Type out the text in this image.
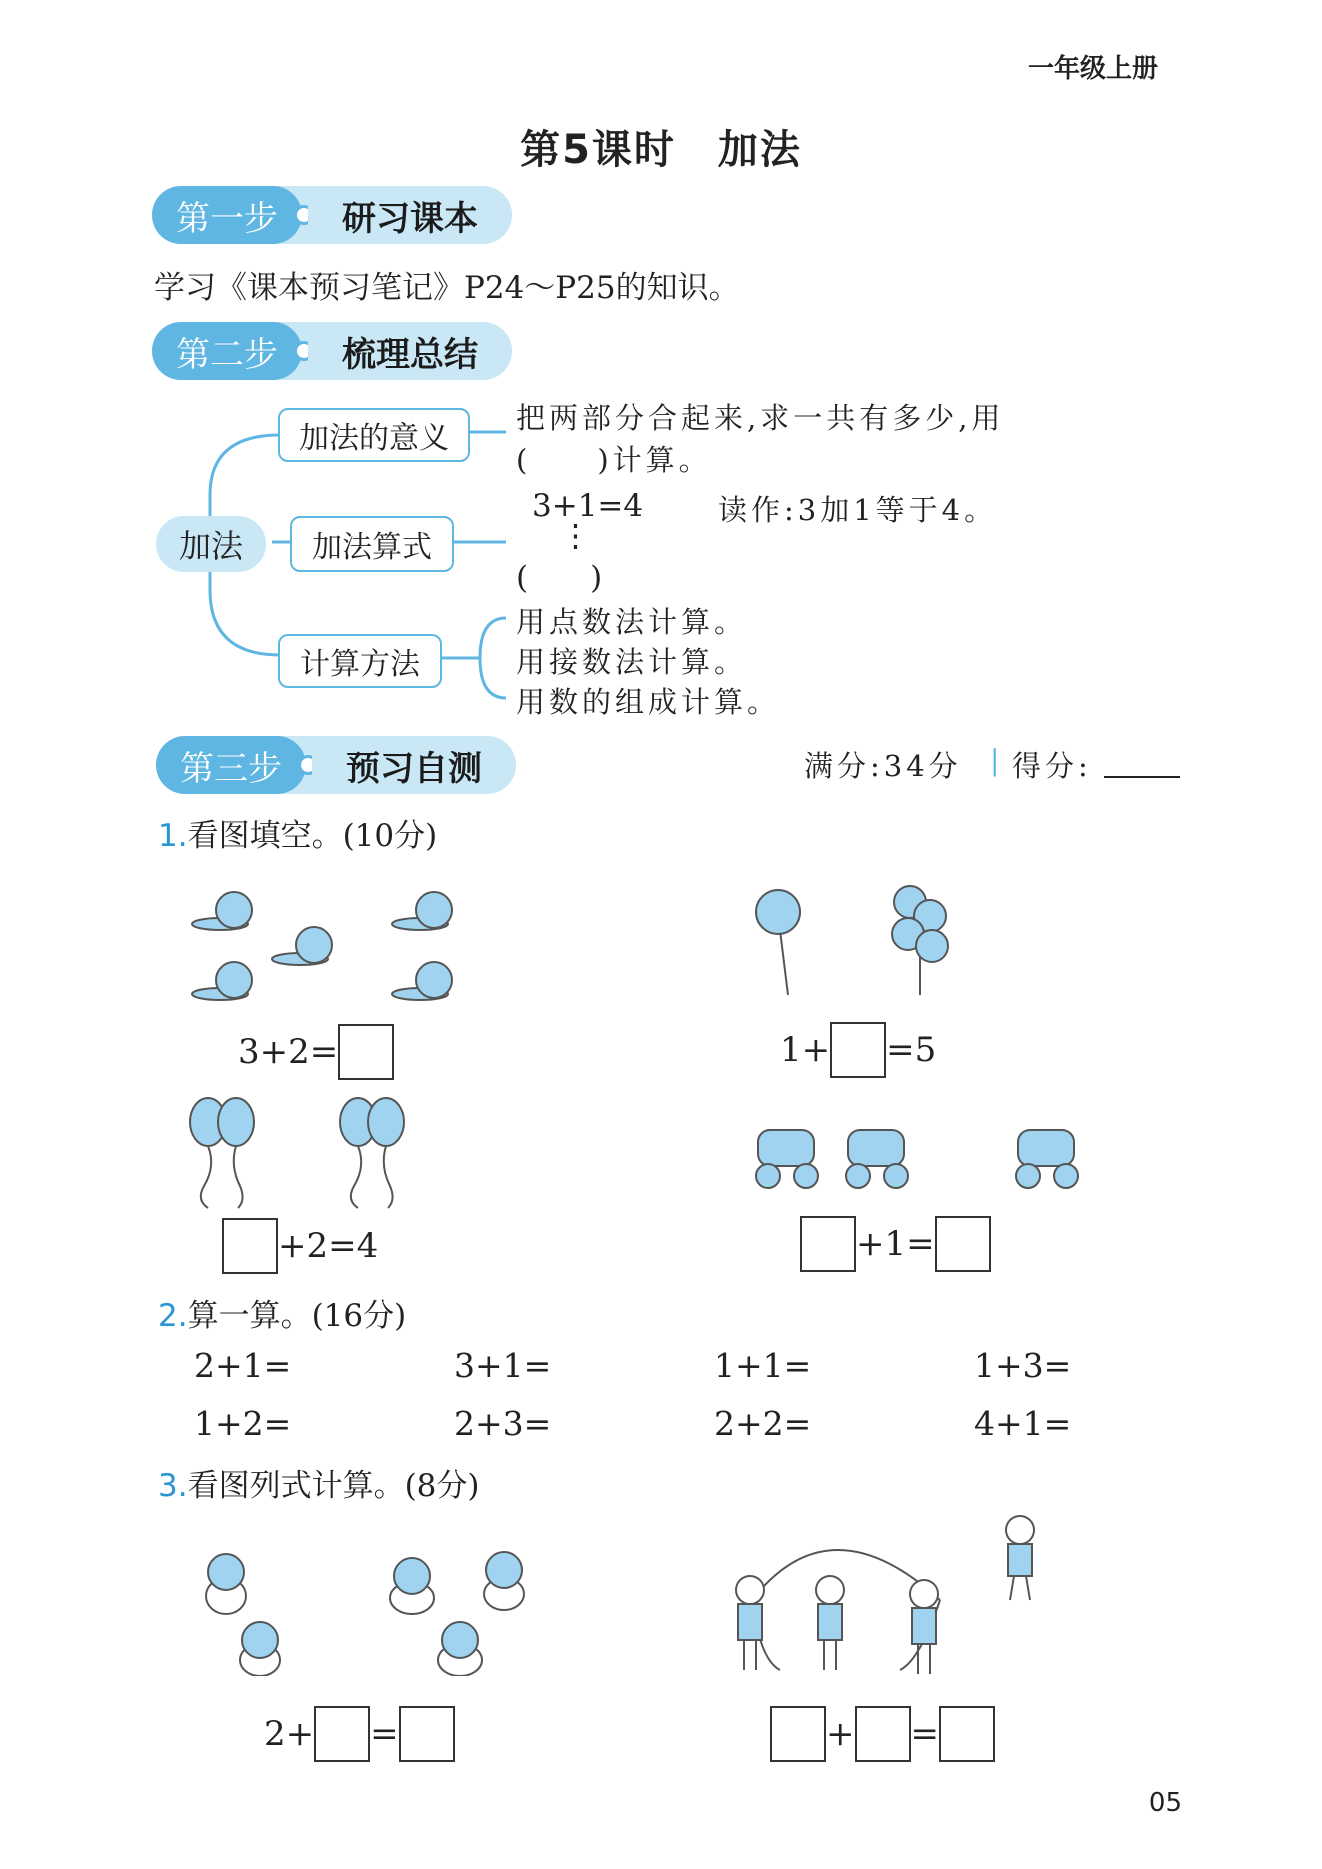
一年级上册
第5课时　加法
第一步	研习课本
学习《课本预习笔记》P24～P25的知识。
第二步	梳理总结
加法
加法的意义
加法算式
计算方法
把两部分合起来,求一共有多少,用
(　　)计算。
3+1=4	读作:3加1等于4。
⋮
(　　)
用点数法计算。
用接数法计算。
用数的组成计算。
第三步	预习自测	满分:34分 | 得分:
1.看图填空。(10分)
3+2=	1+ =5
+2=4	+1=
2.算一算。(16分)
2+1=	3+1=	1+1=	1+3=
1+2=	2+3=	2+2=	4+1=
3.看图列式计算。(8分)
2+ =	+ =
05
